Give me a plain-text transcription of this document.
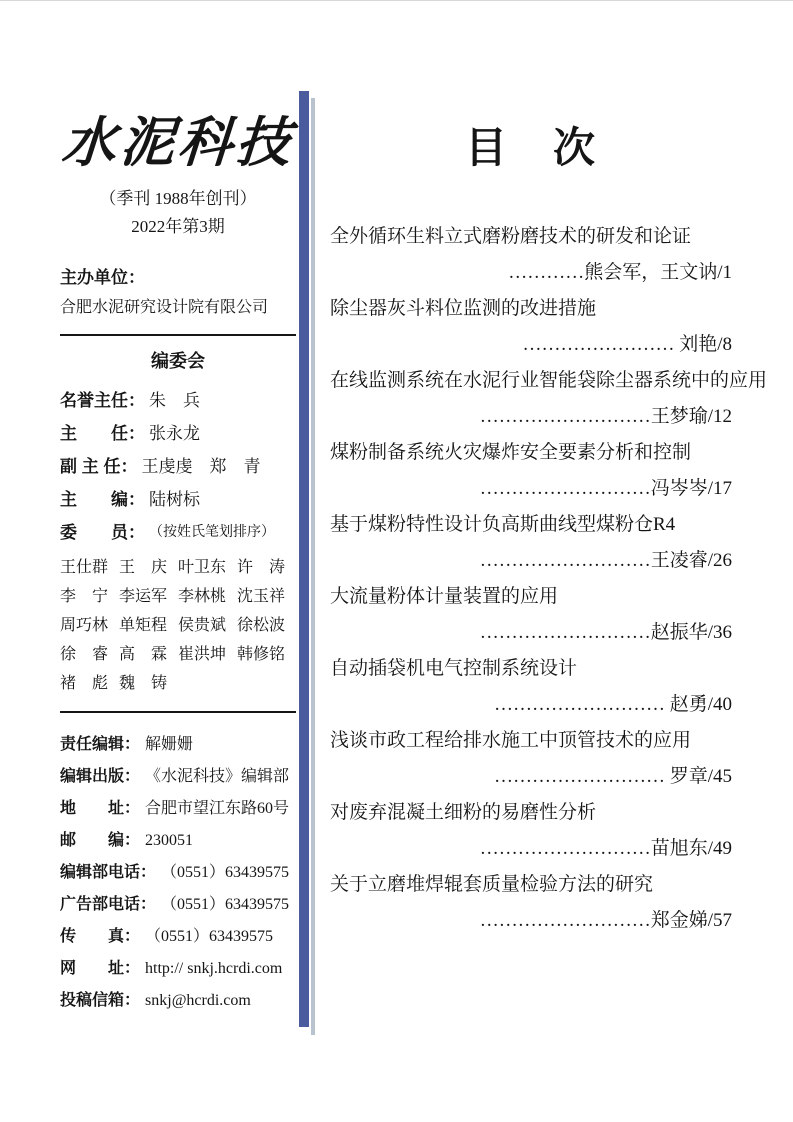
水泥科技
（季刊 1988年创刊）
2022年第3期
主办单位：
合肥水泥研究设计院有限公司
编委会
名誉主任： 朱　兵
主　　任： 张永龙
副 主 任： 王虔虔　郑　青
主　　编： 陆树标
委　　员： （按姓氏笔划排序）
王仕群 王　庆 叶卫东 许　涛
李　宁 李运军 李林桃 沈玉祥
周巧林 单矩程 侯贵斌 徐松波
徐　睿 高　霖 崔洪坤 韩修铭
褚　彪 魏　铸
责任编辑： 解姗姗
编辑出版： 《水泥科技》编辑部
地　　址： 合肥市望江东路60号
邮　　编： 230051
编辑部电话： （0551）63439575
广告部电话： （0551）63439575
传　　真： （0551）63439575
网　　址： http:// snkj.hcrdi.com
投稿信箱： snkj@hcrdi.com
目　次
全外循环生料立式磨粉磨技术的研发和论证
…………熊会军，王文讷/1
除尘器灰斗料位监测的改进措施
…………………… 刘艳/8
在线监测系统在水泥行业智能袋除尘器系统中的应用
………………………王梦瑜/12
煤粉制备系统火灾爆炸安全要素分析和控制
………………………冯岑岑/17
基于煤粉特性设计负高斯曲线型煤粉仓R4
………………………王凌睿/26
大流量粉体计量装置的应用
………………………赵振华/36
自动插袋机电气控制系统设计
……………………… 赵勇/40
浅谈市政工程给排水施工中顶管技术的应用
……………………… 罗章/45
对废弃混凝土细粉的易磨性分析
………………………苗旭东/49
关于立磨堆焊辊套质量检验方法的研究
………………………郑金娣/57
